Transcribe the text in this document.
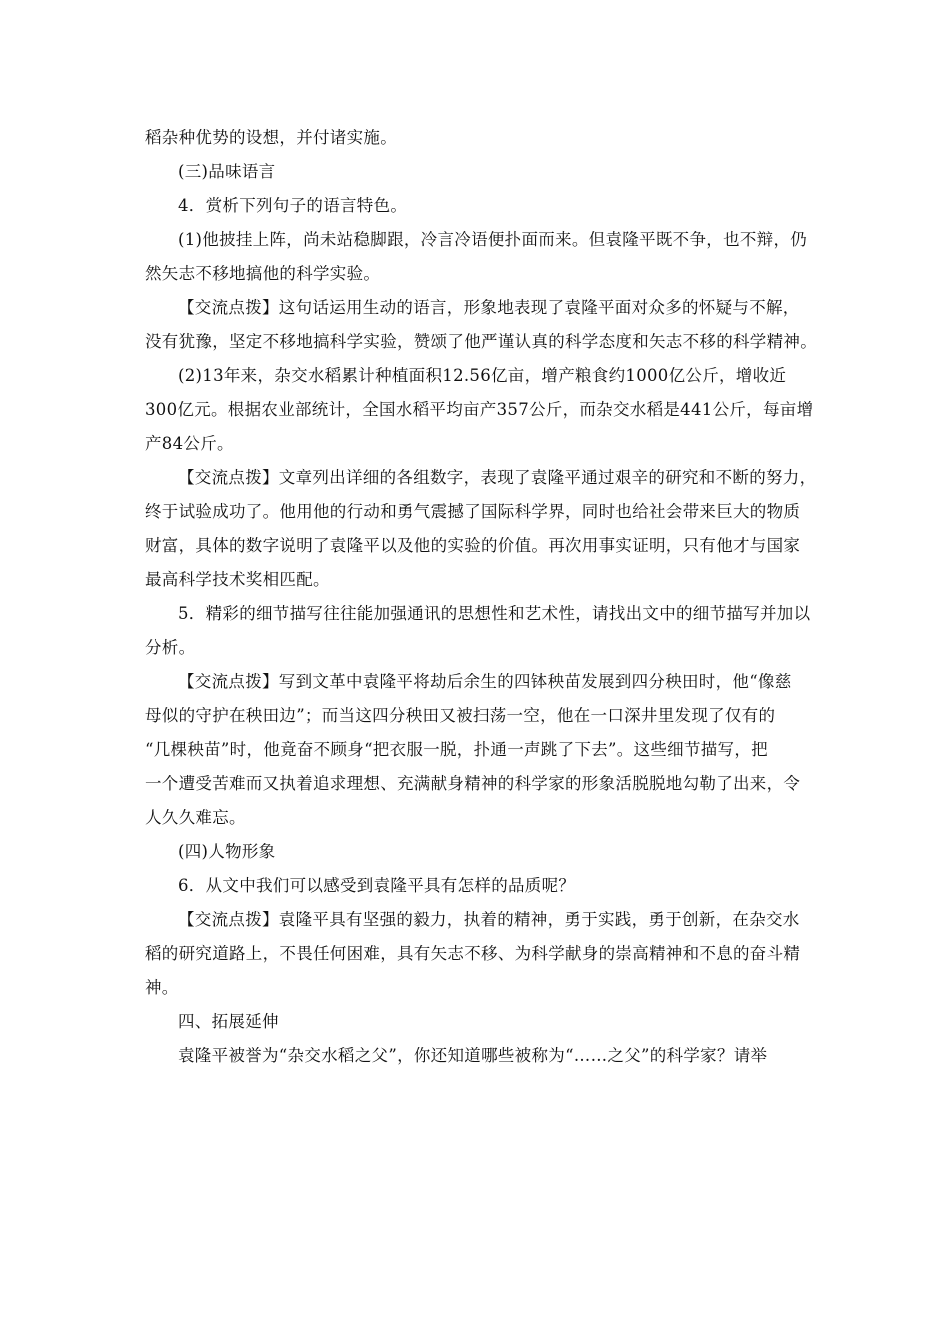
稻杂种优势的设想，并付诸实施。
(三)品味语言
4．赏析下列句子的语言特色。
(1)他披挂上阵，尚未站稳脚跟，冷言冷语便扑面而来。但袁隆平既不争，也不辩，仍
然矢志不移地搞他的科学实验。
【交流点拨】这句话运用生动的语言，形象地表现了袁隆平面对众多的怀疑与不解，
没有犹豫，坚定不移地搞科学实验，赞颂了他严谨认真的科学态度和矢志不移的科学精神。
(2)13年来，杂交水稻累计种植面积12.56亿亩，增产粮食约1000亿公斤，增收近
300亿元。根据农业部统计，全国水稻平均亩产357公斤，而杂交水稻是441公斤，每亩增
产84公斤。
【交流点拨】文章列出详细的各组数字，表现了袁隆平通过艰辛的研究和不断的努力，
终于试验成功了。他用他的行动和勇气震撼了国际科学界，同时也给社会带来巨大的物质
财富，具体的数字说明了袁隆平以及他的实验的价值。再次用事实证明，只有他才与国家
最高科学技术奖相匹配。
5．精彩的细节描写往往能加强通讯的思想性和艺术性，请找出文中的细节描写并加以
分析。
【交流点拨】写到文革中袁隆平将劫后余生的四钵秧苗发展到四分秧田时，他“像慈
母似的守护在秧田边”；而当这四分秧田又被扫荡一空，他在一口深井里发现了仅有的
“几棵秧苗”时，他竟奋不顾身“把衣服一脱，扑通一声跳了下去”。这些细节描写，把
一个遭受苦难而又执着追求理想、充满献身精神的科学家的形象活脱脱地勾勒了出来，令
人久久难忘。
(四)人物形象
6．从文中我们可以感受到袁隆平具有怎样的品质呢？
【交流点拨】袁隆平具有坚强的毅力，执着的精神，勇于实践，勇于创新，在杂交水
稻的研究道路上，不畏任何困难，具有矢志不移、为科学献身的崇高精神和不息的奋斗精
神。
四、拓展延伸
袁隆平被誉为“杂交水稻之父”，你还知道哪些被称为“……之父”的科学家？请举
